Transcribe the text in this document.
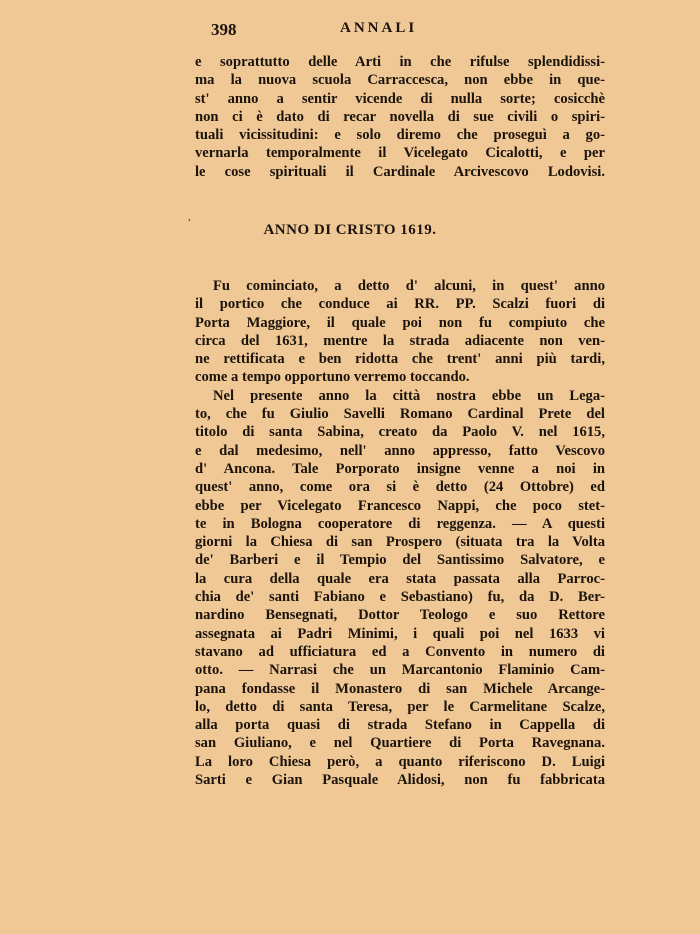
398	ANNALI
e soprattutto delle Arti in che rifulse splendidissi-
ma la nuova scuola Carraccesca, non ebbe in que-
st' anno a sentir vicende di nulla sorte; cosicchè
non ci è dato di recar novella di sue civili o spiri-
tuali vicissitudini: e solo diremo che proseguì a go-
vernarla temporalmente il Vicelegato Cicalotti, e per
le cose spirituali il Cardinale Arcivescovo Lodovisi.
,
ANNO DI CRISTO 1619.
Fu cominciato, a detto d' alcuni, in quest' anno
il portico che conduce ai RR. PP. Scalzi fuori di
Porta Maggiore, il quale poi non fu compiuto che
circa del 1631, mentre la strada adiacente non ven-
ne rettificata e ben ridotta che trent' anni più tardi,
come a tempo opportuno verremo toccando.
Nel presente anno la città nostra ebbe un Lega-
to, che fu Giulio Savelli Romano Cardinal Prete del
titolo di santa Sabina, creato da Paolo V. nel 1615,
e dal medesimo, nell' anno appresso, fatto Vescovo
d' Ancona. Tale Porporato insigne venne a noi in
quest' anno, come ora si è detto (24 Ottobre) ed
ebbe per Vicelegato Francesco Nappi, che poco stet-
te in Bologna cooperatore di reggenza. — A questi
giorni la Chiesa di san Prospero (situata tra la Volta
de' Barberi e il Tempio del Santissimo Salvatore, e
la cura della quale era stata passata alla Parroc-
chia de' santi Fabiano e Sebastiano) fu, da D. Ber-
nardino Bensegnati, Dottor Teologo e suo Rettore
assegnata ai Padri Minimi, i quali poi nel 1633 vi
stavano ad ufficiatura ed a Convento in numero di
otto. — Narrasi che un Marcantonio Flaminio Cam-
pana fondasse il Monastero di san Michele Arcange-
lo, detto di santa Teresa, per le Carmelitane Scalze,
alla porta quasi di strada Stefano in Cappella di
san Giuliano, e nel Quartiere di Porta Ravegnana.
La loro Chiesa però, a quanto riferiscono D. Luigi
Sarti e Gian Pasquale Alidosi, non fu fabbricata
